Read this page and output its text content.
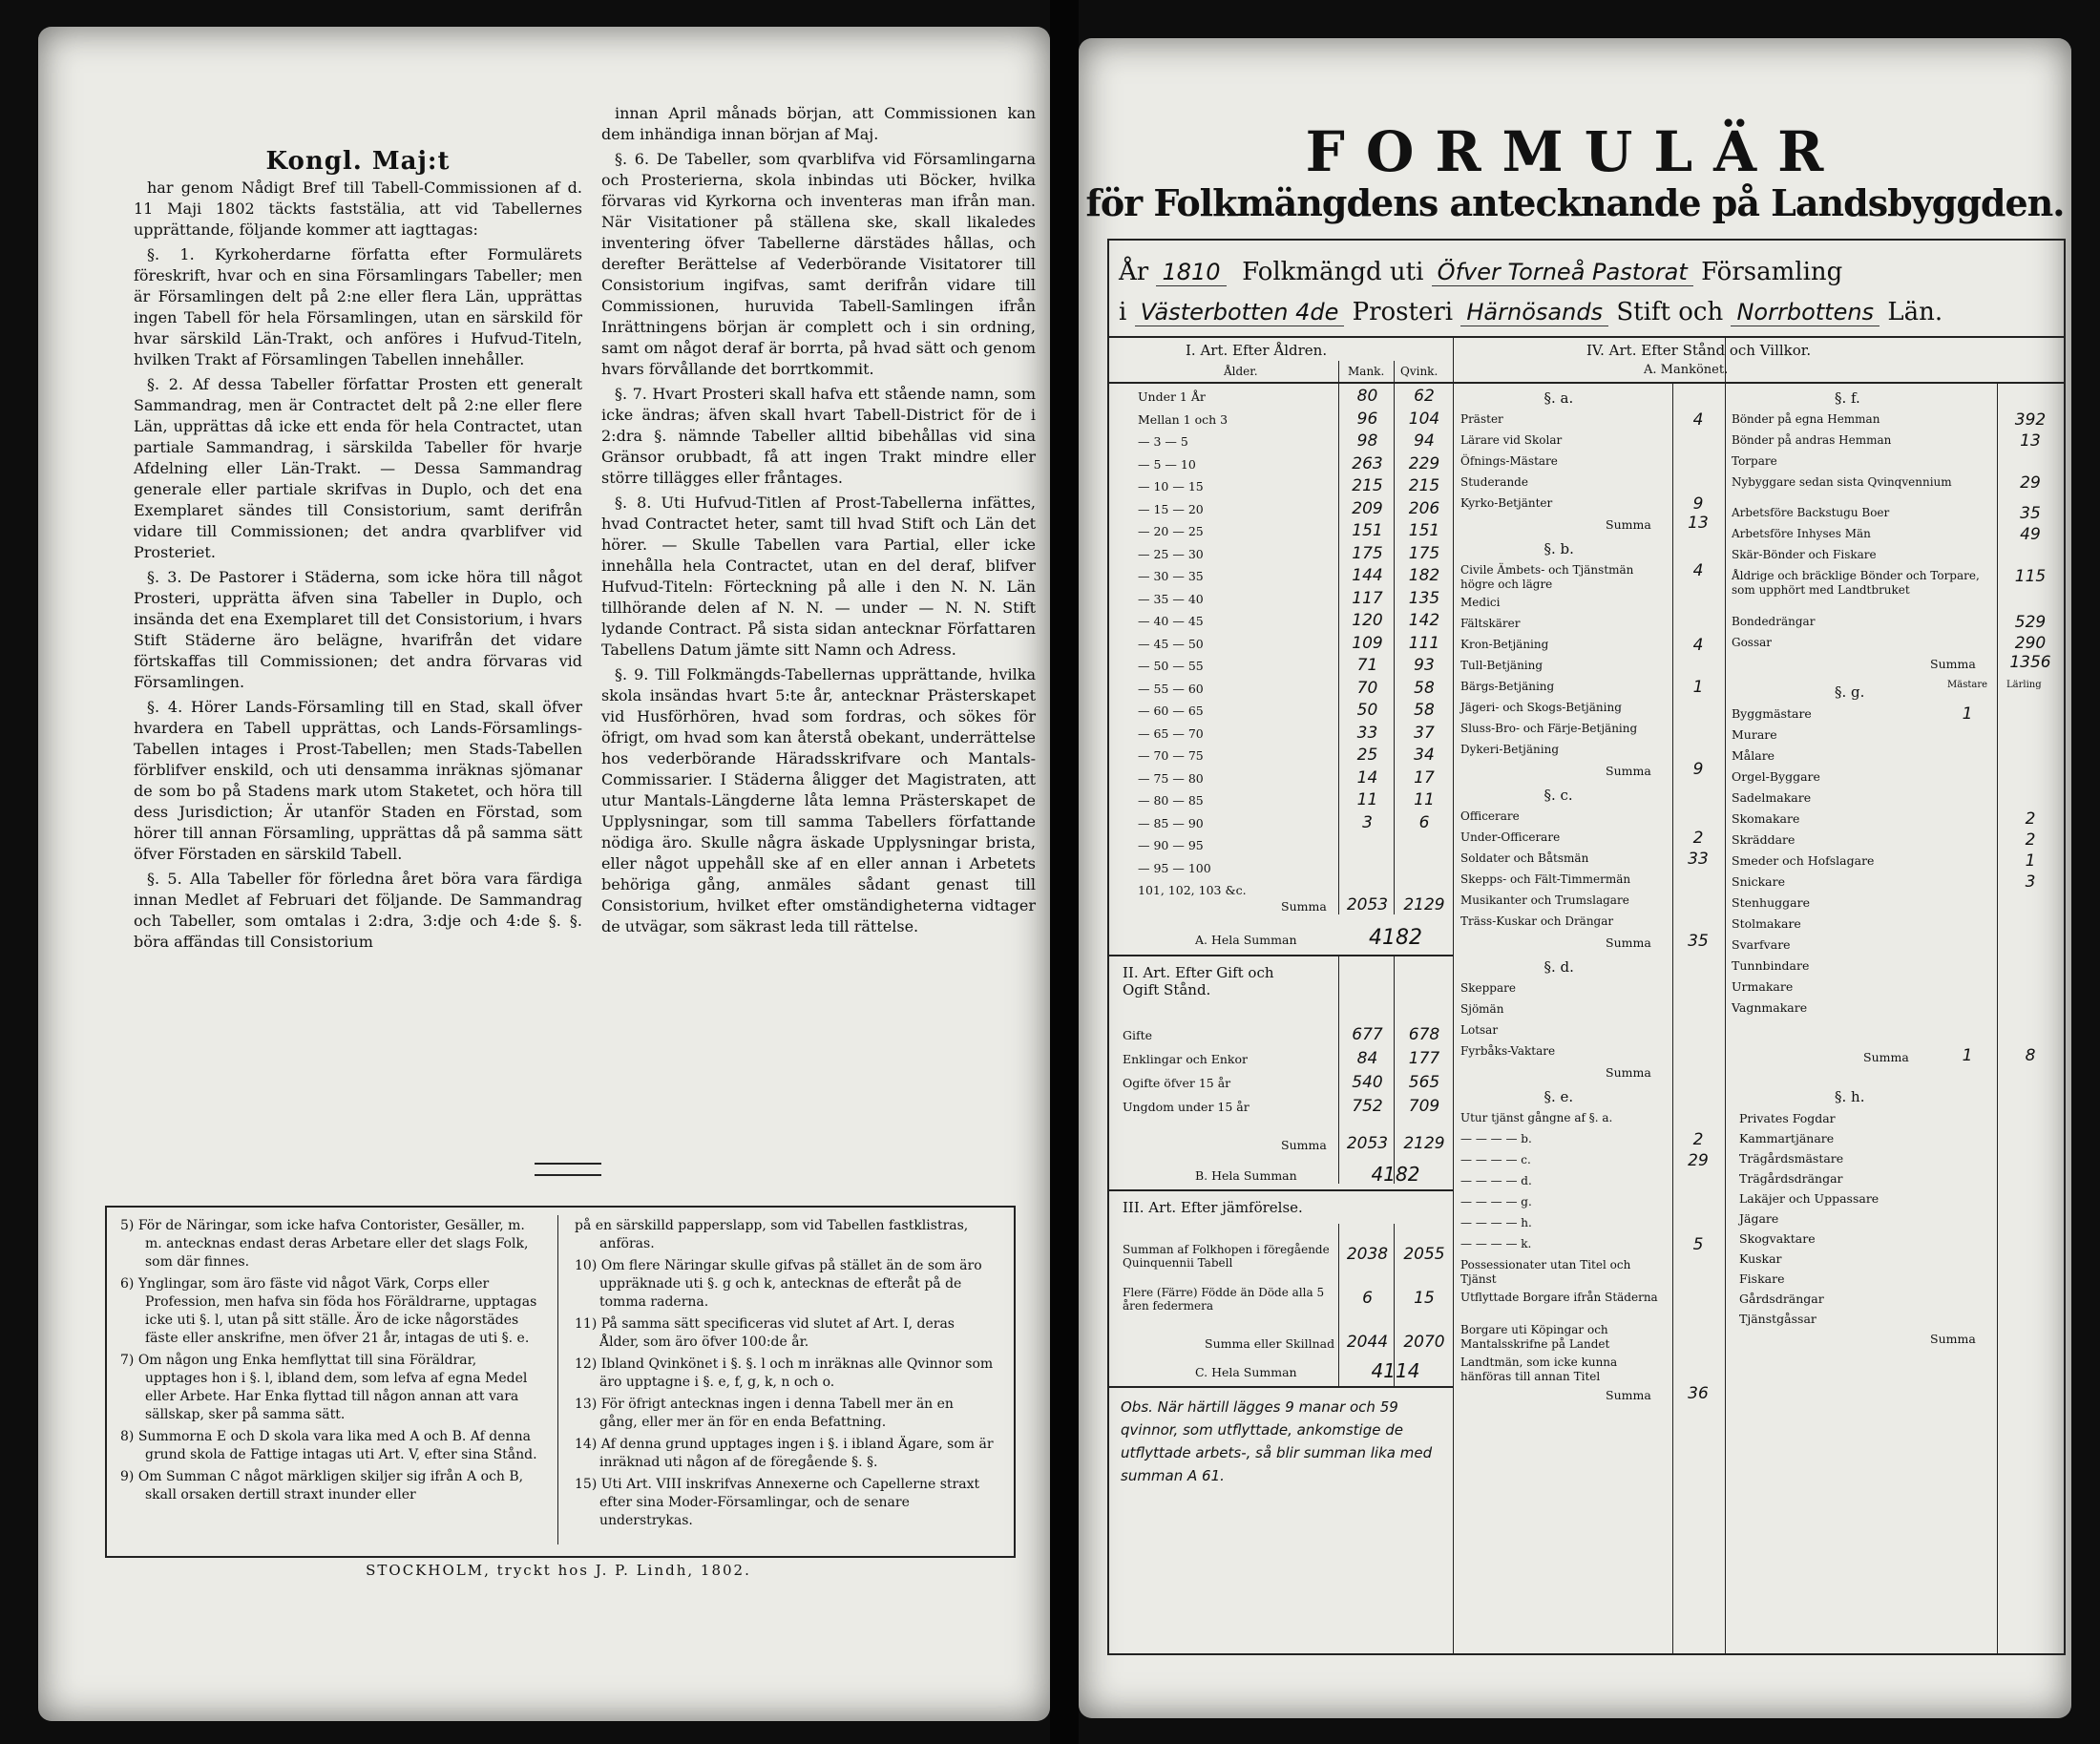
Kongl. Maj:t

har genom Nådigt Bref till Tabell-Commissionen af d. 11 Maji 1802 täckts faststälia, att vid Tabellernes upprättande, följande kommer att iagttagas:

§. 1. Kyrkoherdarne författa efter Formulärets föreskrift, hvar och en sina Församlingars Tabeller; men är Församlingen delt på 2:ne eller flera Län, upprättas ingen Tabell för hela Församlingen, utan en särskild för hvar särskild Län-Trakt, och anföres i Hufvud-Titeln, hvilken Trakt af Församlingen Tabellen innehåller.

§. 2. Af dessa Tabeller författar Prosten ett generalt Sammandrag, men är Contractet delt på 2:ne eller flere Län, upprättas då icke ett enda för hela Contractet, utan partiale Sammandrag, i särskilda Tabeller för hvarje Afdelning eller Län-Trakt. — Dessa Sammandrag generale eller partiale skrifvas in Duplo, och det ena Exemplaret sändes till Consistorium, samt derifrån vidare till Commissionen; det andra qvarblifver vid Prosteriet.

§. 3. De Pastorer i Städerna, som icke höra till något Prosteri, upprätta äfven sina Tabeller in Duplo, och insända det ena Exemplaret till det Consistorium, i hvars Stift Städerne äro belägne, hvarifrån det vidare förtskaffas till Commissionen; det andra förvaras vid Församlingen.

§. 4. Hörer Lands-Församling till en Stad, skall öfver hvardera en Tabell upprättas, och Lands-Församlings-Tabellen intages i Prost-Tabellen; men Stads-Tabellen förblifver enskild, och uti densamma inräknas sjömanar de som bo på Stadens mark utom Staketet, och höra till dess Jurisdiction; Är utanför Staden en Förstad, som hörer till annan Församling, upprättas då på samma sätt öfver Förstaden en särskild Tabell.

§. 5. Alla Tabeller för förledna året böra vara färdiga innan Medlet af Februari det följande. De Sammandrag och Tabeller, som omtalas i 2:dra, 3:dje och 4:de §. §. böra affändas till Consistorium

innan April månads början, att Commissionen kan dem inhändiga innan början af Maj.

§. 6. De Tabeller, som qvarblifva vid Församlingarna och Prosterierna, skola inbindas uti Böcker, hvilka förvaras vid Kyrkorna och inventeras man ifrån man. När Visitationer på ställena ske, skall likaledes inventering öfver Tabellerne därstädes hållas, och derefter Berättelse af Vederbörande Visitatorer till Consistorium ingifvas, samt derifrån vidare till Commissionen, huruvida Tabell-Samlingen ifrån Inrättningens början är complett och i sin ordning, samt om något deraf är borrta, på hvad sätt och genom hvars förvållande det borrtkommit.

§. 7. Hvart Prosteri skall hafva ett stående namn, som icke ändras; äfven skall hvart Tabell-District för de i 2:dra §. nämnde Tabeller alltid bibehållas vid sina Gränsor orubbadt, få att ingen Trakt mindre eller större tillägges eller fråntages.

§. 8. Uti Hufvud-Titlen af Prost-Tabellerna infättes, hvad Contractet heter, samt till hvad Stift och Län det hörer. — Skulle Tabellen vara Partial, eller icke innehålla hela Contractet, utan en del deraf, blifver Hufvud-Titeln: Förteckning på alle i den N. N. Län tillhörande delen af N. N. — under — N. N. Stift lydande Contract. På sista sidan antecknar Författaren Tabellens Datum jämte sitt Namn och Adress.

§. 9. Till Folkmängds-Tabellernas upprättande, hvilka skola insändas hvart 5:te år, antecknar Prästerskapet vid Husförhören, hvad som fordras, och sökes för öfrigt, om hvad som kan återstå obekant, underrättelse hos vederbörande Häradsskrifvare och Mantals-Commissarier. I Städerna åligger det Magistraten, att utur Mantals-Längderne låta lemna Prästerskapet de Upplysningar, som till samma Tabellers författande nödiga äro. Skulle några äskade Upplysningar brista, eller något uppehåll ske af en eller annan i Arbetets behöriga gång, anmäles sådant genast till Consistorium, hvilket efter omständigheterna vidtager de utvägar, som säkrast leda till rättelse.

5) För de Näringar, som icke hafva Contorister, Gesäller, m. m. antecknas endast deras Arbetare eller det slags Folk, som där finnes.
6) Ynglingar, som äro fäste vid något Värk, Corps eller Profession, men hafva sin föda hos Föräldrarne, upptagas icke uti §. l, utan på sitt ställe. Äro de icke någorstädes fäste eller anskrifne, men öfver 21 år, intagas de uti §. e.
7) Om någon ung Enka hemflyttat till sina Föräldrar, upptages hon i §. l, ibland dem, som lefva af egna Medel eller Arbete. Har Enka flyttad till någon annan att vara sällskap, sker på samma sätt.
8) Summorna E och D skola vara lika med A och B. Af denna grund skola de Fattige intagas uti Art. V, efter sina Stånd.
9) Om Summan C något märkligen skiljer sig ifrån A och B, skall orsaken dertill straxt inunder eller
på en särskilld papperslapp, som vid Tabellen fastklistras, anföras.
10) Om flere Näringar skulle gifvas på stället än de som äro uppräknade uti §. g och k, antecknas de efteråt på de tomma raderna.
11) På samma sätt specificeras vid slutet af Art. I, deras Ålder, som äro öfver 100:de år.
12) Ibland Qvinkönet i §. §. l och m inräknas alle Qvinnor som äro upptagne i §. e, f, g, k, n och o.
13) För öfrigt antecknas ingen i denna Tabell mer än en gång, eller mer än för en enda Befattning.
14) Af denna grund upptages ingen i §. i ibland Ägare, som är inräknad uti någon af de föregående §. §.
15) Uti Art. VIII inskrifvas Annexerne och Capellerne straxt efter sina Moder-Församlingar, och de senare understrykas.
STOCKHOLM, tryckt hos J. P. Lindh, 1802.
FORMULÄR
för Folkmängdens antecknande på Landsbyggden.
År 1810 Folkmängd uti Öfver Torneå Pastorat Församling
i Västerbotten 4de Prosteri Härnösands Stift och Norrbottens Län.
I. Art. Efter Åldren.
Ålder.	Mank. Qvink.
Under 1 År	80	62
Mellan 1 och 3	96	104
— 3 — 5	98	94
— 5 — 10	263	229
— 10 — 15	215	215
— 15 — 20	209	206
— 20 — 25	151	151
— 25 — 30	175	175
— 30 — 35	144	182
— 35 — 40	117	135
— 40 — 45	120	142
— 45 — 50	109	111
— 50 — 55	71	93
— 55 — 60	70	58
— 60 — 65	50	58
— 65 — 70	33	37
— 70 — 75	25	34
— 75 — 80	14	17
— 80 — 85	11	11
— 85 — 90	3	6
— 90 — 95
— 95 — 100
101, 102, 103 &c.
Summa	2053 2129
A. Hela Summan	4182
II. Art. Efter Gift och Ogift Stånd.
Gifte	677	678
Enklingar och Enkor	84	177
Ogifte öfver 15 år	540	565
Ungdom under 15 år	752	709
Summa	2053 2129
B. Hela Summan	4182
III. Art. Efter jämförelse.
Summan af Folkhopen i föregående Quinquennii Tabell	2038 2055
Flere (Färre) Födde än Döde alla 5 åren federmera	6	15
Summa eller Skillnad 2044 2070
C. Hela Summan	4114
Obs. När härtill lägges 9 manar och 59 qvinnor, som utflyttade, ankomstige de utflyttade arbets-, så blir summan lika med summan A 61.
IV. Art. Efter Stånd och Villkor.
A. Mankönet.
§. a.
Präster	4
Lärare vid Skolar
Öfnings-Mästare
Studerande
Kyrko-Betjänter	9
Summa	13
§. b.
Civile Ämbets- och Tjänstmän högre och lägre
4
Medici
Fältskärer
Kron-Betjäning	4
Tull-Betjäning
Bärgs-Betjäning	1
Jägeri- och Skogs-Betjäning
Sluss-Bro- och Färje-Betjäning
Dykeri-Betjäning
Summa	9
§. c.
Officerare
Under-Officerare	2
Soldater och Båtsmän	33
Skepps- och Fält-Timmermän
Musikanter och Trumslagare
Träss-Kuskar och Drängar
Summa	35
§. d.
Skeppare
Sjömän
Lotsar
Fyrbåks-Vaktare
Summa
§. e.
Utur tjänst gångne af §. a.
— — — — b.	2
— — — — c.	29
— — — — d.
— — — — g.
— — — — h.
— — — — k.	5
Possessionater utan Titel och Tjänst
Utflyttade Borgare ifrån Städerna
Borgare uti Köpingar och Mantalsskrifne på Landet
Landtmän, som icke kunna hänföras till annan Titel
Summa	36
§. f.
Bönder på egna Hemman	392
Bönder på andras Hemman	13
Torpare
Nybyggare sedan sista Qvinqvennium	29
Arbetsföre Backstugu Boer	35
Arbetsföre Inhyses Män	49
Skär-Bönder och Fiskare
Åldrige och bräcklige Bönder och Torpare, som upphört med Landtbruket
115
Bondedrängar	529
Gossar	290
Summa	1356
§. g.	Mästare Lärling
Byggmästare	1
Murare
Målare
Orgel-Byggare
Sadelmakare
Skomakare	2
Skräddare	2
Smeder och Hofslagare	1
Snickare	3
Stenhuggare
Stolmakare
Svarfvare
Tunnbindare
Urmakare
Vagnmakare
Summa	1	8
§. h.
Privates Fogdar
Kammartjänare
Trägårdsmästare
Trägårdsdrängar
Lakäjer och Uppassare
Jägare
Skogvaktare
Kuskar
Fiskare
Gårdsdrängar
Tjänstgåssar
Summa
